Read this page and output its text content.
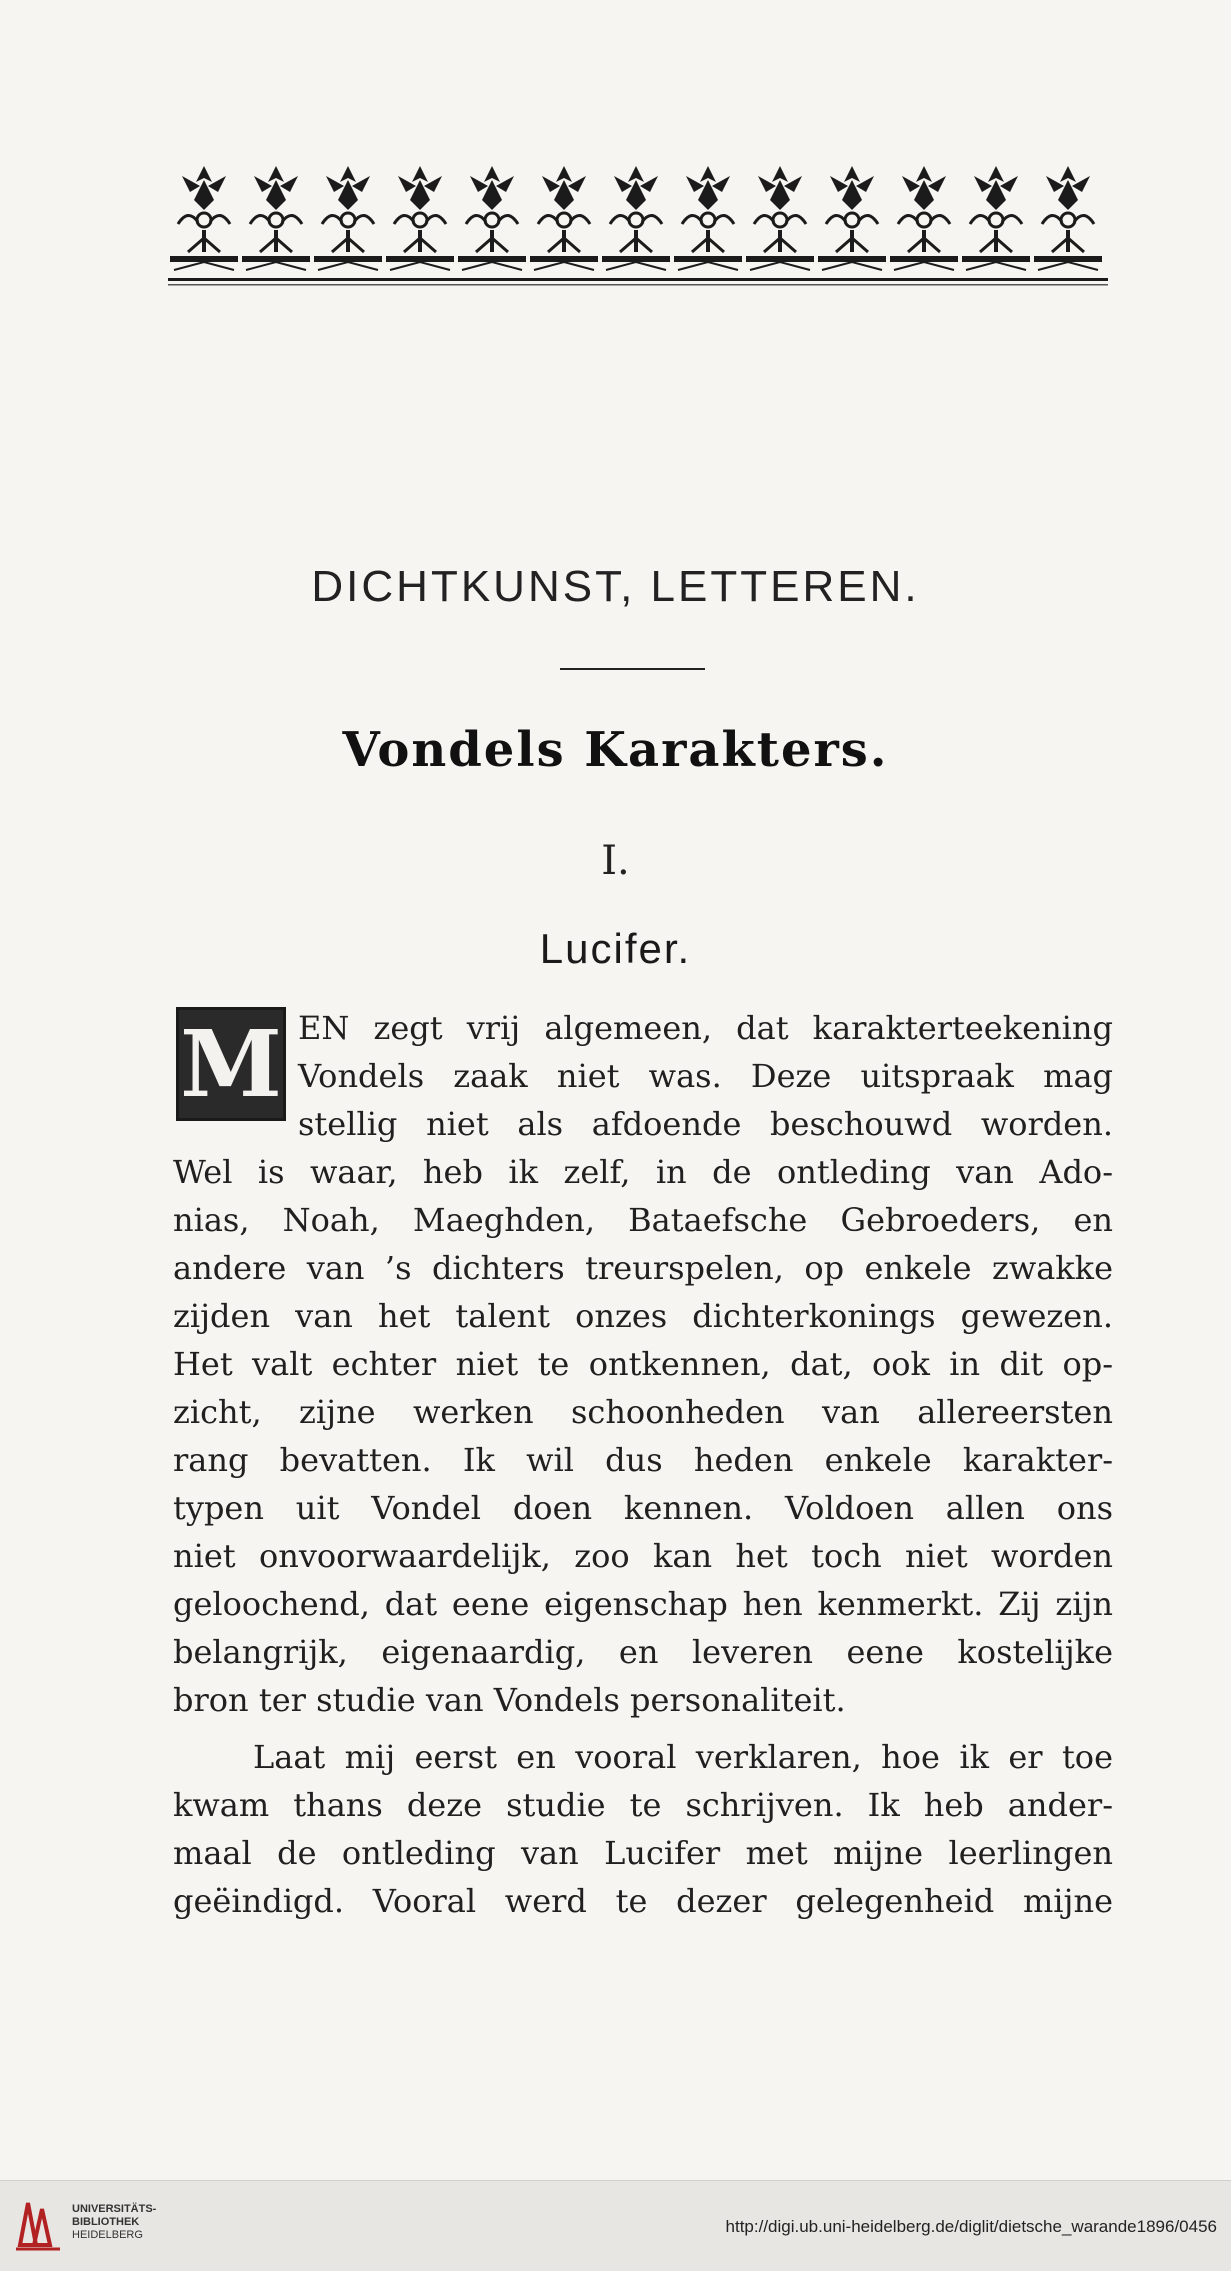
DICHTKUNST, LETTEREN.
Vondels Karakters.
I.
Lucifer.
M EN zegt vrij algemeen, dat karakterteekening
Vondels zaak niet was. Deze uitspraak mag
stellig niet als afdoende beschouwd worden.
Wel is waar, heb ik zelf, in de ontleding van Ado-
nias, Noah, Maeghden, Bataefsche Gebroeders, en
andere van ’s dichters treurspelen, op enkele zwakke
zijden van het talent onzes dichterkonings gewezen.
Het valt echter niet te ontkennen, dat, ook in dit op-
zicht, zijne werken schoonheden van allereersten
rang bevatten. Ik wil dus heden enkele karakter-
typen uit Vondel doen kennen. Voldoen allen ons
niet onvoorwaardelijk, zoo kan het toch niet worden
geloochend, dat eene eigenschap hen kenmerkt. Zij zijn
belangrijk, eigenaardig, en leveren eene kostelijke
bron ter studie van Vondels personaliteit.
Laat mij eerst en vooral verklaren, hoe ik er toe
kwam thans deze studie te schrijven. Ik heb ander-
maal de ontleding van Lucifer met mijne leerlingen
geëindigd. Vooral werd te dezer gelegenheid mijne
UNIVERSITÄTS-
BIBLIOTHEK
HEIDELBERG	http://digi.ub.uni-heidelberg.de/diglit/dietsche_warande1896/0456
